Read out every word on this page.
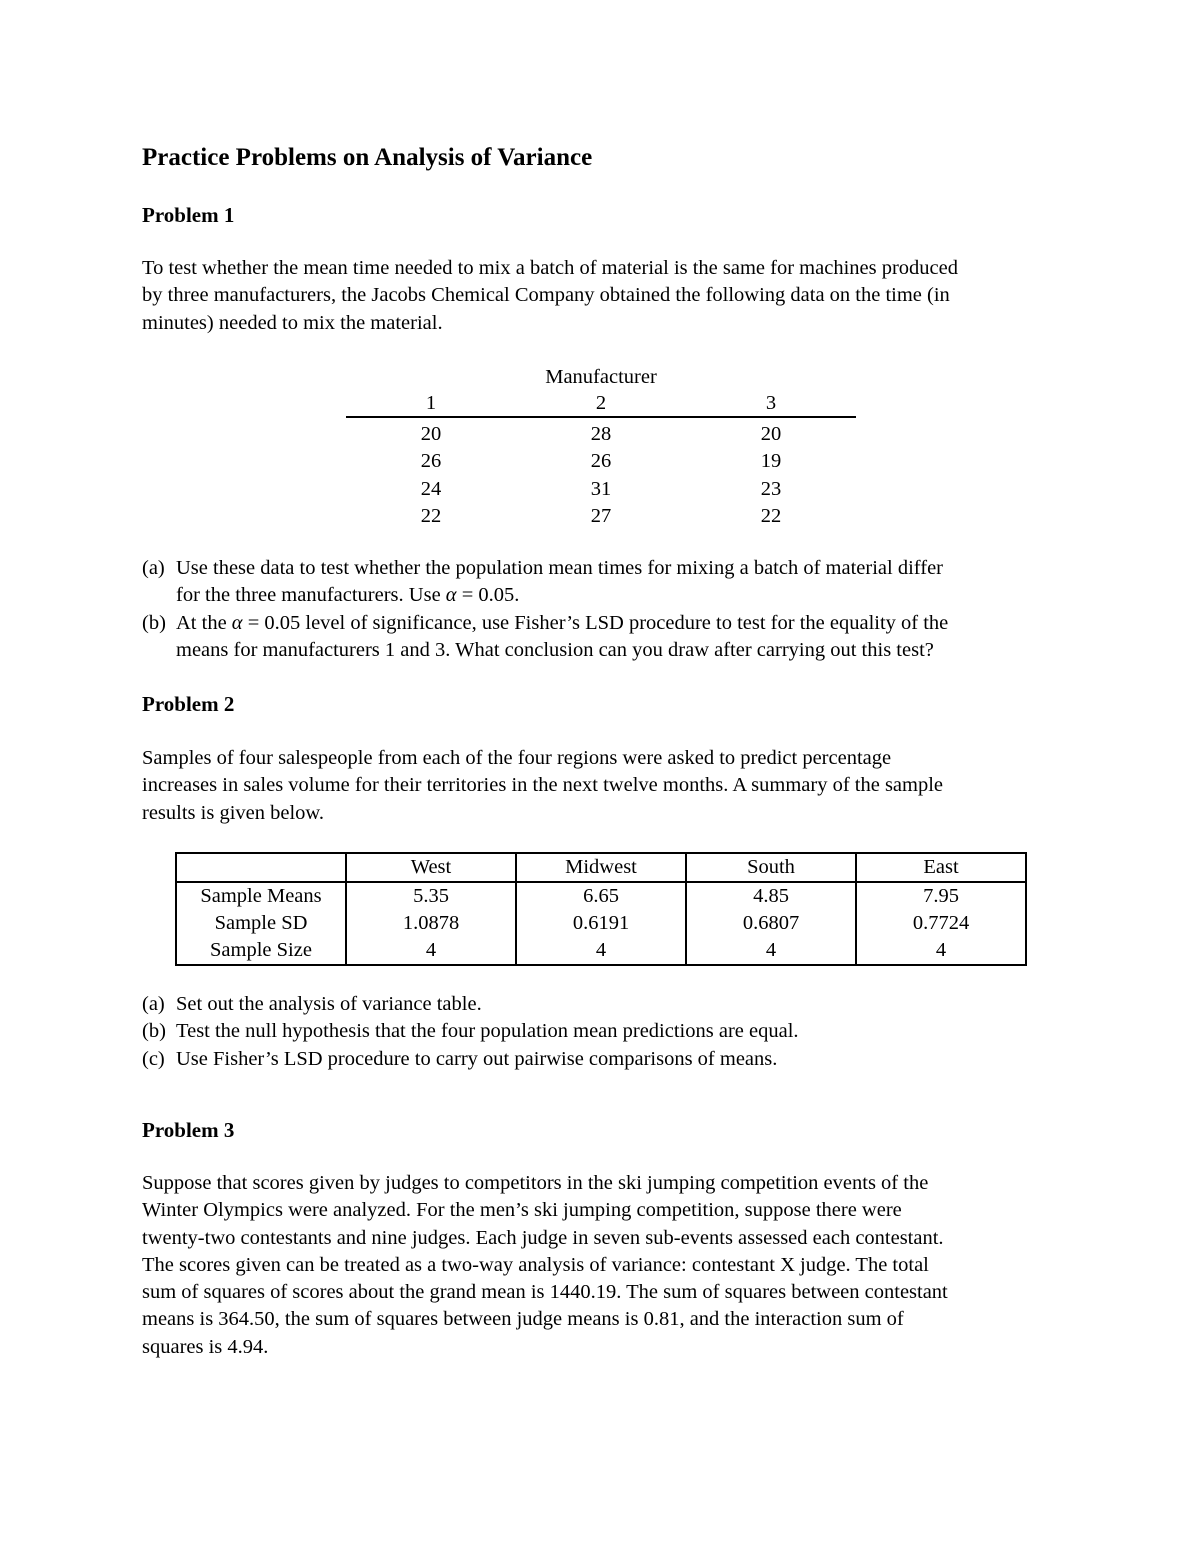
Practice Problems on Analysis of Variance
Problem 1

To test whether the mean time needed to mix a batch of material is the same for machines produced
by three manufacturers, the Jacobs Chemical Company obtained the following data on the time (in
minutes) needed to mix the material.

Manufacturer
1	2	3
20	28	20
26	26	19
24	31	23
22	27	22
(a) Use these data to test whether the population mean times for mixing a batch of material differ
for the three manufacturers. Use α = 0.05.
(b) At the α = 0.05 level of significance, use Fisher’s LSD procedure to test for the equality of the
means for manufacturers 1 and 3. What conclusion can you draw after carrying out this test?
Problem 2

Samples of four salespeople from each of the four regions were asked to predict percentage
increases in sales volume for their territories in the next twelve months. A summary of the sample
results is given below.

	West	Midwest	South	East
Sample Means	5.35	6.65	4.85	7.95
Sample SD	1.0878	0.6191	0.6807	0.7724
Sample Size	4	4	4	4
(a) Set out the analysis of variance table.
(b) Test the null hypothesis that the four population mean predictions are equal.
(c) Use Fisher’s LSD procedure to carry out pairwise comparisons of means.
Problem 3

Suppose that scores given by judges to competitors in the ski jumping competition events of the
Winter Olympics were analyzed. For the men’s ski jumping competition, suppose there were
twenty-two contestants and nine judges. Each judge in seven sub-events assessed each contestant.
The scores given can be treated as a two-way analysis of variance: contestant X judge. The total
sum of squares of scores about the grand mean is 1440.19. The sum of squares between contestant
means is 364.50, the sum of squares between judge means is 0.81, and the interaction sum of
squares is 4.94.
